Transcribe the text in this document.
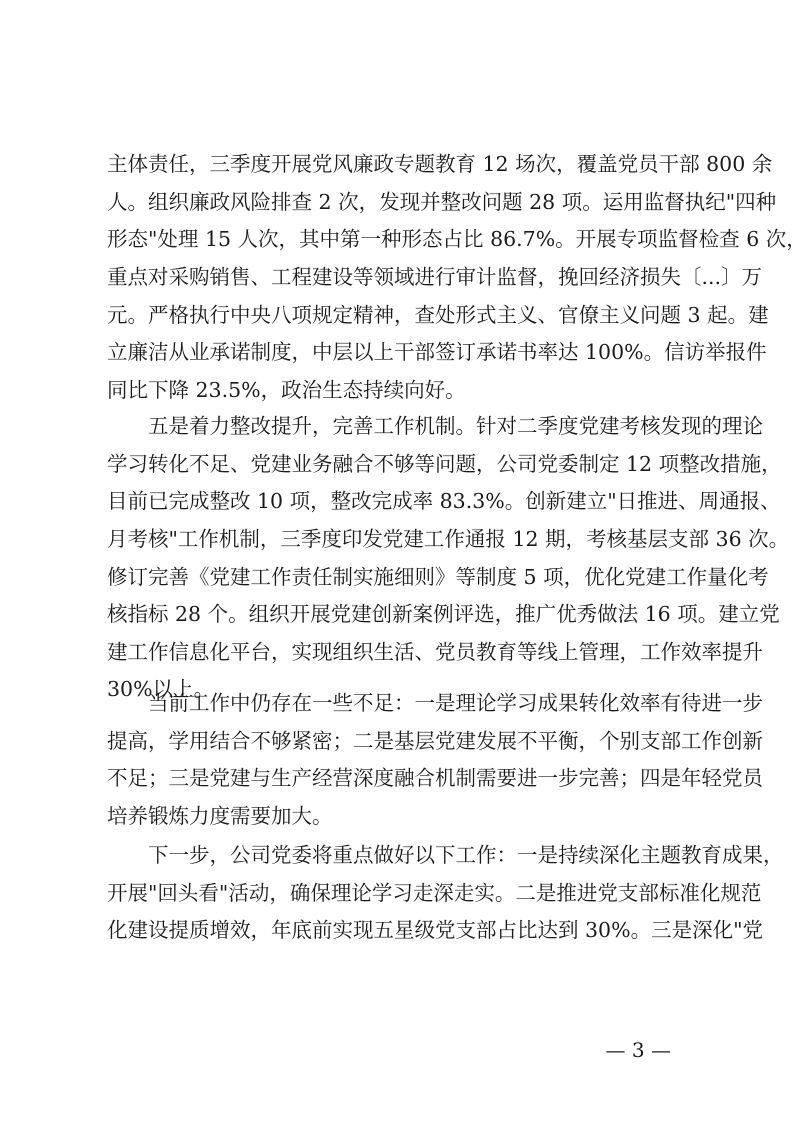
主体责任，三季度开展党风廉政专题教育 12 场次，覆盖党员干部 800 余
人。组织廉政风险排查 2 次，发现并整改问题 28 项。运用监督执纪"四种
形态"处理 15 人次，其中第一种形态占比 86.7%。开展专项监督检查 6 次，
重点对采购销售、工程建设等领域进行审计监督，挽回经济损失〔...〕万
元。严格执行中央八项规定精神，查处形式主义、官僚主义问题 3 起。建
立廉洁从业承诺制度，中层以上干部签订承诺书率达 100%。信访举报件
同比下降 23.5%，政治生态持续向好。
五是着力整改提升，完善工作机制。针对二季度党建考核发现的理论
学习转化不足、党建业务融合不够等问题，公司党委制定 12 项整改措施，
目前已完成整改 10 项，整改完成率 83.3%。创新建立"日推进、周通报、
月考核"工作机制，三季度印发党建工作通报 12 期，考核基层支部 36 次。
修订完善《党建工作责任制实施细则》等制度 5 项，优化党建工作量化考
核指标 28 个。组织开展党建创新案例评选，推广优秀做法 16 项。建立党
建工作信息化平台，实现组织生活、党员教育等线上管理，工作效率提升
30%以上。
当前工作中仍存在一些不足：一是理论学习成果转化效率有待进一步
提高，学用结合不够紧密；二是基层党建发展不平衡，个别支部工作创新
不足；三是党建与生产经营深度融合机制需要进一步完善；四是年轻党员
培养锻炼力度需要加大。
下一步，公司党委将重点做好以下工作：一是持续深化主题教育成果，
开展"回头看"活动，确保理论学习走深走实。二是推进党支部标准化规范
化建设提质增效，年底前实现五星级党支部占比达到 30%。三是深化"党
— 3 —
